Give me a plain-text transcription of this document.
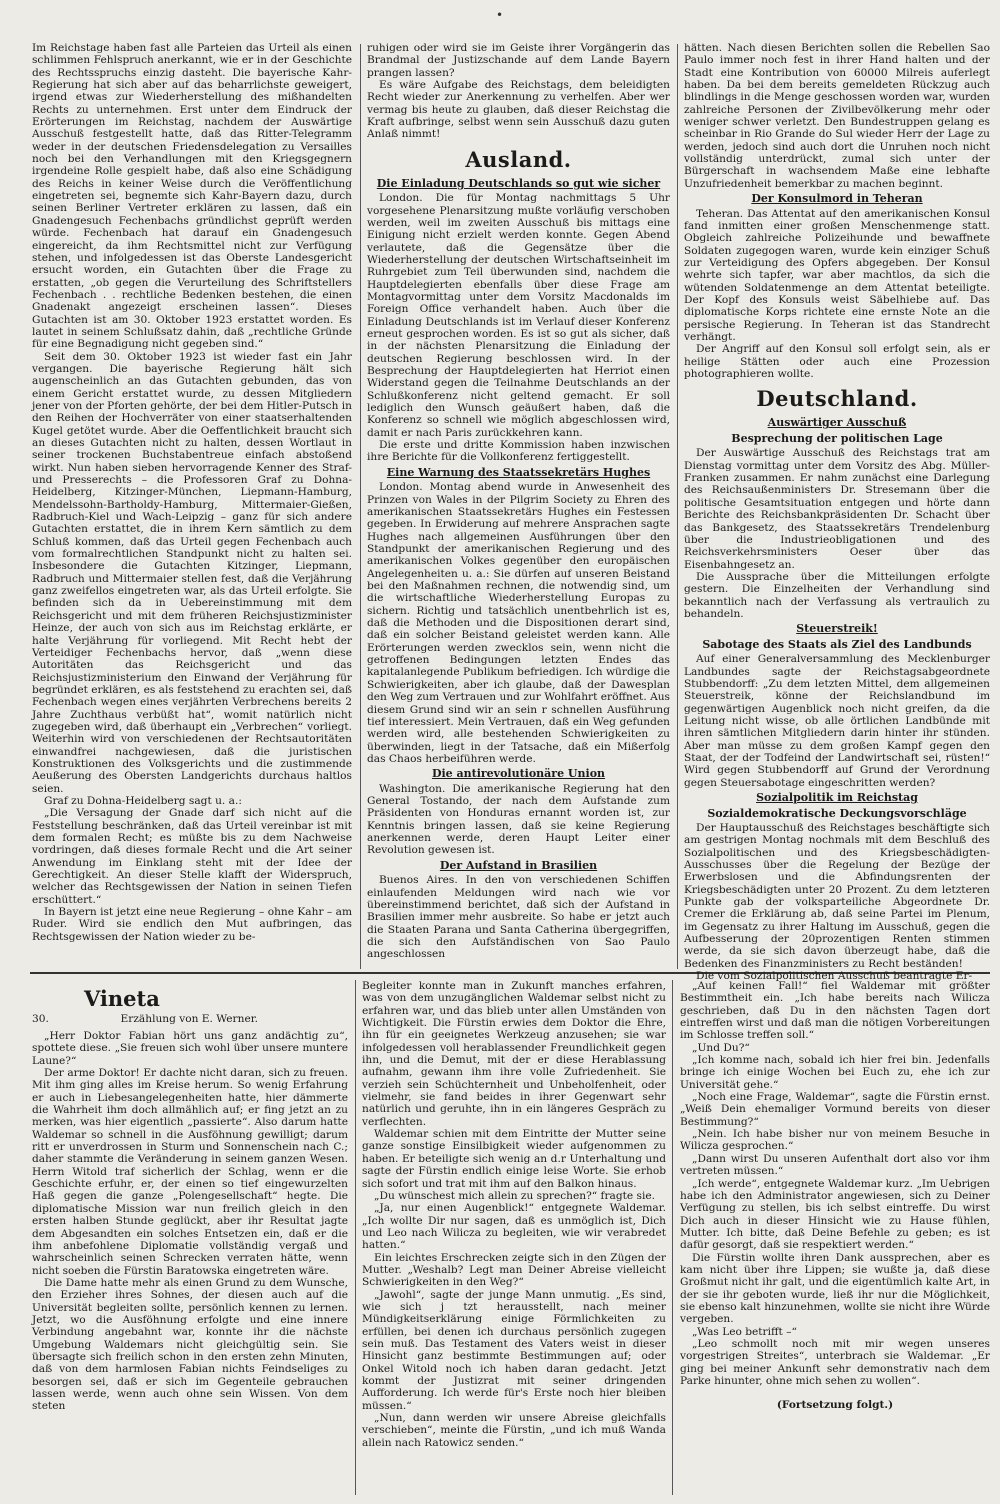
Im Reichstage haben fast alle Parteien das Urteil als einen schlimmen Fehlspruch anerkannt, wie er in der Geschichte des Rechtsspruchs einzig dasteht. Die bayerische Kahr-Regierung hat sich aber auf das beharrlichste geweigert, irgend etwas zur Wiederherstellung des mißhandelten Rechts zu unternehmen. Erst unter dem Eindruck der Erörterungen im Reichstag, nachdem der Auswärtige Ausschuß festgestellt hatte, daß das Ritter-Telegramm weder in der deutschen Friedensdelegation zu Versailles noch bei den Verhandlungen mit den Kriegsgegnern irgendeine Rolle gespielt habe, daß also eine Schädigung des Reichs in keiner Weise durch die Veröffentlichung eingetreten sei, begnemte sich Kahr-Bayern dazu, durch seinen Berliner Vertreter erklären zu lassen, daß ein Gnadengesuch Fechenbachs gründlichst geprüft werden würde. Fechenbach hat darauf ein Gnadengesuch eingereicht, da ihm Rechtsmittel nicht zur Verfügung stehen, und infolgedessen ist das Oberste Landesgericht ersucht worden, ein Gutachten über die Frage zu erstatten, „ob gegen die Verurteilung des Schriftstellers Fechenbach . . rechtliche Bedenken bestehen, die einen Gnadenakt angezeigt erscheinen lassen“. Dieses Gutachten ist am 30. Oktober 1923 erstattet worden. Es lautet in seinem Schlußsatz dahin, daß „rechtliche Gründe für eine Begnadigung nicht gegeben sind.“

Seit dem 30. Oktober 1923 ist wieder fast ein Jahr vergangen. Die bayerische Regierung hält sich augenscheinlich an das Gutachten gebunden, das von einem Gericht erstattet wurde, zu dessen Mitgliedern jener von der Pforten gehörte, der bei dem Hitler-Putsch in den Reihen der Hochverräter von einer staatserhaltenden Kugel getötet wurde. Aber die Oeffentlichkeit braucht sich an dieses Gutachten nicht zu halten, dessen Wortlaut in seiner trockenen Buchstabentreue einfach abstoßend wirkt. Nun haben sieben hervorragende Kenner des Straf- und Presserechts – die Professoren Graf zu Dohna-Heidelberg, Kitzinger-München, Liepmann-Hamburg, Mendelssohn-Bartholdy-Hamburg, Mittermaier-Gießen, Radbruch-Kiel und Wach-Leipzig – ganz für sich andere Gutachten erstattet, die in ihrem Kern sämtlich zu dem Schluß kommen, daß das Urteil gegen Fechenbach auch vom formalrechtlichen Standpunkt nicht zu halten sei. Insbesondere die Gutachten Kitzinger, Liepmann, Radbruch und Mittermaier stellen fest, daß die Verjährung ganz zweifellos eingetreten war, als das Urteil erfolgte. Sie befinden sich da in Uebereinstimmung mit dem Reichsgericht und mit dem früheren Reichsjustizminister Heinze, der auch von sich aus im Reichstag erklärte, er halte Verjährung für vorliegend. Mit Recht hebt der Verteidiger Fechenbachs hervor, daß „wenn diese Autoritäten das Reichsgericht und das Reichsjustizministerium den Einwand der Verjährung für begründet erklären, es als feststehend zu erachten sei, daß Fechenbach wegen eines verjährten Verbrechens bereits 2 Jahre Zuchthaus verbüßt hat“, womit natürlich nicht zugegeben wird, daß überhaupt ein „Verbrechen“ vorliegt. Weiterhin wird von verschiedenen der Rechtsautoritäten einwandfrei nachgewiesen, daß die juristischen Konstruktionen des Volksgerichts und die zustimmende Aeußerung des Obersten Landgerichts durchaus haltlos seien.

Graf zu Dohna-Heidelberg sagt u. a.:

„Die Versagung der Gnade darf sich nicht auf die Feststellung beschränken, daß das Urteil vereinbar ist mit dem formalen Recht; es müßte bis zu dem Nachweise vordringen, daß dieses formale Recht und die Art seiner Anwendung im Einklang steht mit der Idee der Gerechtigkeit. An dieser Stelle klafft der Widerspruch, welcher das Rechtsgewissen der Nation in seinen Tiefen erschüttert.“

In Bayern ist jetzt eine neue Regierung – ohne Kahr – am Ruder. Wird sie endlich den Mut aufbringen, das Rechtsgewissen der Nation wieder zu be-

ruhigen oder wird sie im Geiste ihrer Vorgängerin das Brandmal der Justizschande auf dem Lande Bayern prangen lassen?

Es wäre Aufgabe des Reichstags, dem beleidigten Recht wieder zur Anerkennung zu verhelfen. Aber wer vermag bis heute zu glauben, daß dieser Reichstag die Kraft aufbringe, selbst wenn sein Ausschuß dazu guten Anlaß nimmt!

Ausland.
Die Einladung Deutschlands so gut wie sicher

London. Die für Montag nachmittags 5 Uhr vorgesehene Plenarsitzung mußte vorläufig verschoben werden, weil im zweiten Ausschuß bis mittags eine Einigung nicht erzielt werden konnte. Gegen Abend verlautete, daß die Gegensätze über die Wiederherstellung der deutschen Wirtschaftseinheit im Ruhrgebiet zum Teil überwunden sind, nachdem die Hauptdelegierten ebenfalls über diese Frage am Montagvormittag unter dem Vorsitz Macdonalds im Foreign Office verhandelt haben. Auch über die Einladung Deutschlands ist im Verlauf dieser Konferenz erneut gesprochen worden. Es ist so gut als sicher, daß in der nächsten Plenarsitzung die Einladung der deutschen Regierung beschlossen wird. In der Besprechung der Hauptdelegierten hat Herriot einen Widerstand gegen die Teilnahme Deutschlands an der Schlußkonferenz nicht geltend gemacht. Er soll lediglich den Wunsch geäußert haben, daß die Konferenz so schnell wie möglich abgeschlossen wird, damit er nach Paris zurückkehren kann.

Die erste und dritte Kommission haben inzwischen ihre Berichte für die Vollkonferenz fertiggestellt.

Eine Warnung des Staatssekretärs Hughes

London. Montag abend wurde in Anwesenheit des Prinzen von Wales in der Pilgrim Society zu Ehren des amerikanischen Staatssekretärs Hughes ein Festessen gegeben. In Erwiderung auf mehrere Ansprachen sagte Hughes nach allgemeinen Ausführungen über den Standpunkt der amerikanischen Regierung und des amerikanischen Volkes gegenüber den europäischen Angelegenheiten u. a.: Sie dürfen auf unseren Beistand bei den Maßnahmen rechnen, die notwendig sind, um die wirtschaftliche Wiederherstellung Europas zu sichern. Richtig und tatsächlich unentbehrlich ist es, daß die Methoden und die Dispositionen derart sind, daß ein solcher Beistand geleistet werden kann. Alle Erörterungen werden zwecklos sein, wenn nicht die getroffenen Bedingungen letzten Endes das kapitalanlegende Publikum befriedigen. Ich würdige die Schwierigkeiten, aber ich glaube, daß der Dawesplan den Weg zum Vertrauen und zur Wohlfahrt eröffnet. Aus diesem Grund sind wir an sein r schnellen Ausführung tief interessiert. Mein Vertrauen, daß ein Weg gefunden werden wird, alle bestehenden Schwierigkeiten zu überwinden, liegt in der Tatsache, daß ein Mißerfolg das Chaos herbeiführen werde.

Die antirevolutionäre Union

Washington. Die amerikanische Regierung hat den General Tostando, der nach dem Aufstande zum Präsidenten von Honduras ernannt worden ist, zur Kenntnis bringen lassen, daß sie keine Regierung anerkennen werde, deren Haupt Leiter einer Revolution gewesen ist.

Der Aufstand in Brasilien

Buenos Aires. In den von verschiedenen Schiffen einlaufenden Meldungen wird nach wie vor übereinstimmend berichtet, daß sich der Aufstand in Brasilien immer mehr ausbreite. So habe er jetzt auch die Staaten Parana und Santa Catherina übergegriffen, die sich den Aufständischen von Sao Paulo angeschlossen

hätten. Nach diesen Berichten sollen die Rebellen Sao Paulo immer noch fest in ihrer Hand halten und der Stadt eine Kontribution von 60000 Milreis auferlegt haben. Da bei dem bereits gemeldeten Rückzug auch blindlings in die Menge geschossen worden war, wurden zahlreiche Personen der Zivilbevölkerung mehr oder weniger schwer verletzt. Den Bundestruppen gelang es scheinbar in Rio Grande do Sul wieder Herr der Lage zu werden, jedoch sind auch dort die Unruhen noch nicht vollständig unterdrückt, zumal sich unter der Bürgerschaft in wachsendem Maße eine lebhafte Unzufriedenheit bemerkbar zu machen beginnt.

Der Konsulmord in Teheran

Teheran. Das Attentat auf den amerikanischen Konsul fand inmitten einer großen Menschenmenge statt. Obgleich zahlreiche Polizeihunde und bewaffnete Soldaten zugegogen waren, wurde kein einziger Schuß zur Verteidigung des Opfers abgegeben. Der Konsul wehrte sich tapfer, war aber machtlos, da sich die wütenden Soldatenmenge an dem Attentat beteiligte. Der Kopf des Konsuls weist Säbelhiebe auf. Das diplomatische Korps richtete eine ernste Note an die persische Regierung. In Teheran ist das Standrecht verhängt.

Der Angriff auf den Konsul soll erfolgt sein, als er heilige Stätten oder auch eine Prozession photographieren wollte.

Deutschland.
Auswärtiger Ausschuß
Besprechung der politischen Lage

Der Auswärtige Ausschuß des Reichstags trat am Dienstag vormittag unter dem Vorsitz des Abg. Müller-Franken zusammen. Er nahm zunächst eine Darlegung des Reichsaußenministers Dr. Stresemann über die politische Gesamtsituation entgegen und hörte dann Berichte des Reichsbankpräsidenten Dr. Schacht über das Bankgesetz, des Staatssekretärs Trendelenburg über die Industrieobligationen und des Reichsverkehrsministers Oeser über das Eisenbahngesetz an.

Die Aussprache über die Mitteilungen erfolgte gestern. Die Einzelheiten der Verhandlung sind bekanntlich nach der Verfassung als vertraulich zu behandeln.

Steuerstreik!
Sabotage des Staats als Ziel des Landbunds

Auf einer Generalversammlung des Mecklenburger Landbundes sagte der Reichstagsabgeordnete Stubbendorff: „Zu dem letzten Mittel, dem allgemeinen Steuerstreik, könne der Reichslandbund im gegenwärtigen Augenblick noch nicht greifen, da die Leitung nicht wisse, ob alle örtlichen Landbünde mit ihren sämtlichen Mitgliedern darin hinter ihr stünden. Aber man müsse zu dem großen Kampf gegen den Staat, der der Todfeind der Landwirtschaft sei, rüsten!“ Wird gegen Stubbendorff auf Grund der Verordnung gegen Steuersabotage eingeschritten werden?

Sozialpolitik im Reichstag
Sozialdemokratische Deckungsvorschläge

Der Hauptausschuß des Reichstages beschäftigte sich am gestrigen Montag nochmals mit dem Beschluß des Sozialpolitischen und des Kriegsbeschädigten-Ausschusses über die Regelung der Bezüge der Erwerbslosen und die Abfindungsrenten der Kriegsbeschädigten unter 20 Prozent. Zu dem letzteren Punkte gab der volksparteiliche Abgeordnete Dr. Cremer die Erklärung ab, daß seine Partei im Plenum, im Gegensatz zu ihrer Haltung im Ausschuß, gegen die Aufbesserung der 20prozentigen Renten stimmen werde, da sie sich davon überzeugt habe, daß die Bedenken des Finanzministers zu Recht beständen!

Die vom Sozialpolitischen Ausschuß beantragte Er-

Vineta
30.	Erzählung von E. Werner.

„Herr Doktor Fabian hört uns ganz andächtig zu“, spottete diese. „Sie freuen sich wohl über unsere muntere Laune?“

Der arme Doktor! Er dachte nicht daran, sich zu freuen. Mit ihm ging alles im Kreise herum. So wenig Erfahrung er auch in Liebesangelegenheiten hatte, hier dämmerte die Wahrheit ihm doch allmählich auf; er fing jetzt an zu merken, was hier eigentlich „passierte“. Also darum hatte Waldemar so schnell in die Ausföhnung gewilligt; darum ritt er unverdrossen in Sturm und Sonnenschein nach C.; daher stammte die Veränderung in seinem ganzen Wesen. Herrn Witold traf sicherlich der Schlag, wenn er die Geschichte erfuhr, er, der einen so tief eingewurzelten Haß gegen die ganze „Polengesellschaft“ hegte. Die diplomatische Mission war nun freilich gleich in den ersten halben Stunde geglückt, aber ihr Resultat jagte dem Abgesandten ein solches Entsetzen ein, daß er die ihm anbefohlene Diplomatie vollständig vergaß und wahrscheinlich seinen Schrecken verraten hätte, wenn nicht soeben die Fürstin Baratowska eingetreten wäre.

Die Dame hatte mehr als einen Grund zu dem Wunsche, den Erzieher ihres Sohnes, der diesen auch auf die Universität begleiten sollte, persönlich kennen zu lernen. Jetzt, wo die Ausföhnung erfolgte und eine innere Verbindung angebahnt war, konnte ihr die nächste Umgebung Waldemars nicht gleichgültig sein. Sie übersagte sich freilich schon in den ersten zehn Minuten, daß von dem harmlosen Fabian nichts Feindseliges zu besorgen sei, daß er sich im Gegenteile gebrauchen lassen werde, wenn auch ohne sein Wissen. Von dem steten

Begleiter konnte man in Zukunft manches erfahren, was von dem unzugänglichen Waldemar selbst nicht zu erfahren war, und das blieb unter allen Umständen von Wichtigkeit. Die Fürstin erwies dem Doktor die Ehre, ihn für ein geeignetes Werkzeug anzusehen; sie war infolgedessen voll herablassender Freundlichkeit gegen ihn, und die Demut, mit der er diese Herablassung aufnahm, gewann ihm ihre volle Zufriedenheit. Sie verzieh sein Schüchternheit und Unbeholfenheit, oder vielmehr, sie fand beides in ihrer Gegenwart sehr natürlich und geruhte, ihn in ein längeres Gespräch zu verflechten.

Waldemar schien mit dem Eintritte der Mutter seine ganze sonstige Einsilbigkeit wieder aufgenommen zu haben. Er beteiligte sich wenig an d.r Unterhaltung und sagte der Fürstin endlich einige leise Worte. Sie erhob sich sofort und trat mit ihm auf den Balkon hinaus.

„Du wünschest mich allein zu sprechen?“ fragte sie.

„Ja, nur einen Augenblick!“ entgegnete Waldemar. „Ich wollte Dir nur sagen, daß es unmöglich ist, Dich und Leo nach Wilicza zu begleiten, wie wir verabredet hatten.“

Ein leichtes Erschrecken zeigte sich in den Zügen der Mutter. „Weshalb? Legt man Deiner Abreise vielleicht Schwierigkeiten in den Weg?“

„Jawohl“, sagte der junge Mann unmutig. „Es sind, wie sich j tzt herausstellt, nach meiner Mündigkeitserklärung einige Förmlichkeiten zu erfüllen, bei denen ich durchaus persönlich zugegen sein muß. Das Testament des Vaters weist in dieser Hinsicht ganz bestimmte Bestimmungen auf; oder Onkel Witold noch ich haben daran gedacht. Jetzt kommt der Justizrat mit seiner dringenden Aufforderung. Ich werde für's Erste noch hier bleiben müssen.“

„Nun, dann werden wir unsere Abreise gleichfalls verschieben“, meinte die Fürstin, „und ich muß Wanda allein nach Ratowicz senden.“

„Auf keinen Fall!“ fiel Waldemar mit größter Bestimmtheit ein. „Ich habe bereits nach Wilicza geschrieben, daß Du in den nächsten Tagen dort eintreffen wirst und daß man die nötigen Vorbereitungen im Schlosse treffen soll.“

„Und Du?“

„Ich komme nach, sobald ich hier frei bin. Jedenfalls bringe ich einige Wochen bei Euch zu, ehe ich zur Universität gehe.“

„Noch eine Frage, Waldemar“, sagte die Fürstin ernst. „Weiß Dein ehemaliger Vormund bereits von dieser Bestimmung?“

„Nein. Ich habe bisher nur von meinem Besuche in Wilicza gesprochen.“

„Dann wirst Du unseren Aufenthalt dort also vor ihm vertreten müssen.“

„Ich werde“, entgegnete Waldemar kurz. „Im Uebrigen habe ich den Administrator angewiesen, sich zu Deiner Verfügung zu stellen, bis ich selbst eintreffe. Du wirst Dich auch in dieser Hinsicht wie zu Hause fühlen, Mutter. Ich bitte, daß Deine Befehle zu geben; es ist dafür gesorgt, daß sie respektiert werden.“

Die Fürstin wollte ihren Dank aussprechen, aber es kam nicht über ihre Lippen; sie wußte ja, daß diese Großmut nicht ihr galt, und die eigentümlich kalte Art, in der sie ihr geboten wurde, ließ ihr nur die Möglichkeit, sie ebenso kalt hinzunehmen, wollte sie nicht ihre Würde vergeben.

„Was Leo betrifft –“

„Leo schmollt noch mit mir wegen unseres vorgestrigen Streites“, unterbrach sie Waldemar. „Er ging bei meiner Ankunft sehr demonstrativ nach dem Parke hinunter, ohne mich sehen zu wollen“.

(Fortsetzung folgt.)
•
